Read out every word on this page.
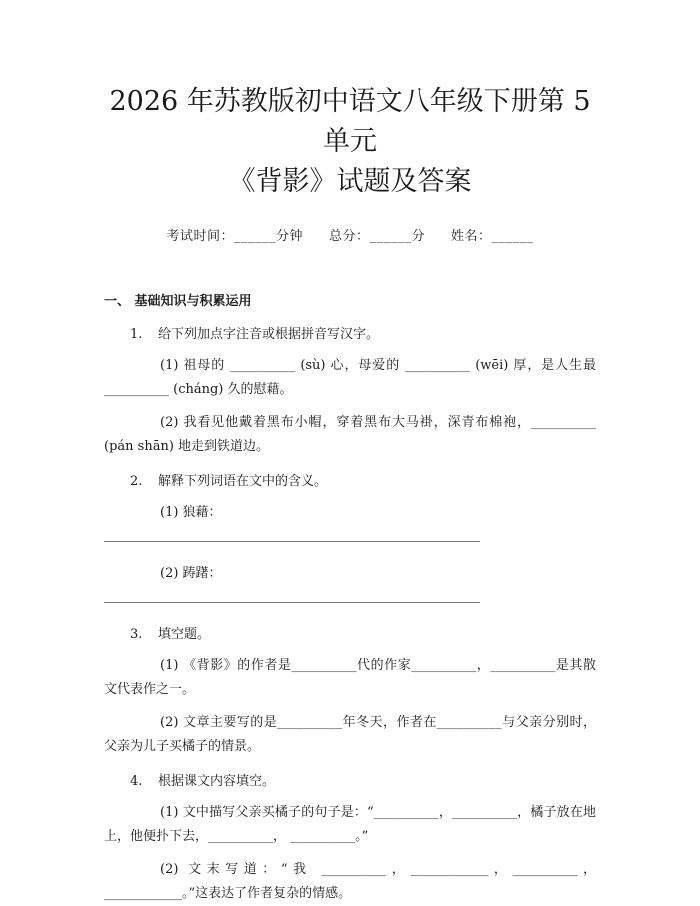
2026 年苏教版初中语文八年级下册第 5 单元
《背影》试题及答案
考试时间：______分钟 总分：______分 姓名：______
一、 基础知识与积累运用
1. 给下列加点字注音或根据拼音写汉字。
(1) 祖母的 __________ (sù) 心，母爱的 __________ (wēi) 厚，是人生最 __________ (cháng) 久的慰藉。
(2) 我看见他戴着黑布小帽，穿着黑布大马褂，深青布棉袍，__________ (pán shān) 地走到铁道边。
2. 解释下列词语在文中的含义。
(1) 狼藉：
(2) 踌躇：
3. 填空题。
(1) 《背影》的作者是__________代的作家__________，__________是其散文代表作之一。
(2) 文章主要写的是__________年冬天，作者在__________与父亲分别时，父亲为儿子买橘子的情景。
4. 根据课文内容填空。
(1) 文中描写父亲买橘子的句子是：“__________，__________，橘子放在地上，他便扑下去，__________， __________。”
(2) 文末写道：“我 __________，____________，__________，____________。”这表达了作者复杂的情感。
